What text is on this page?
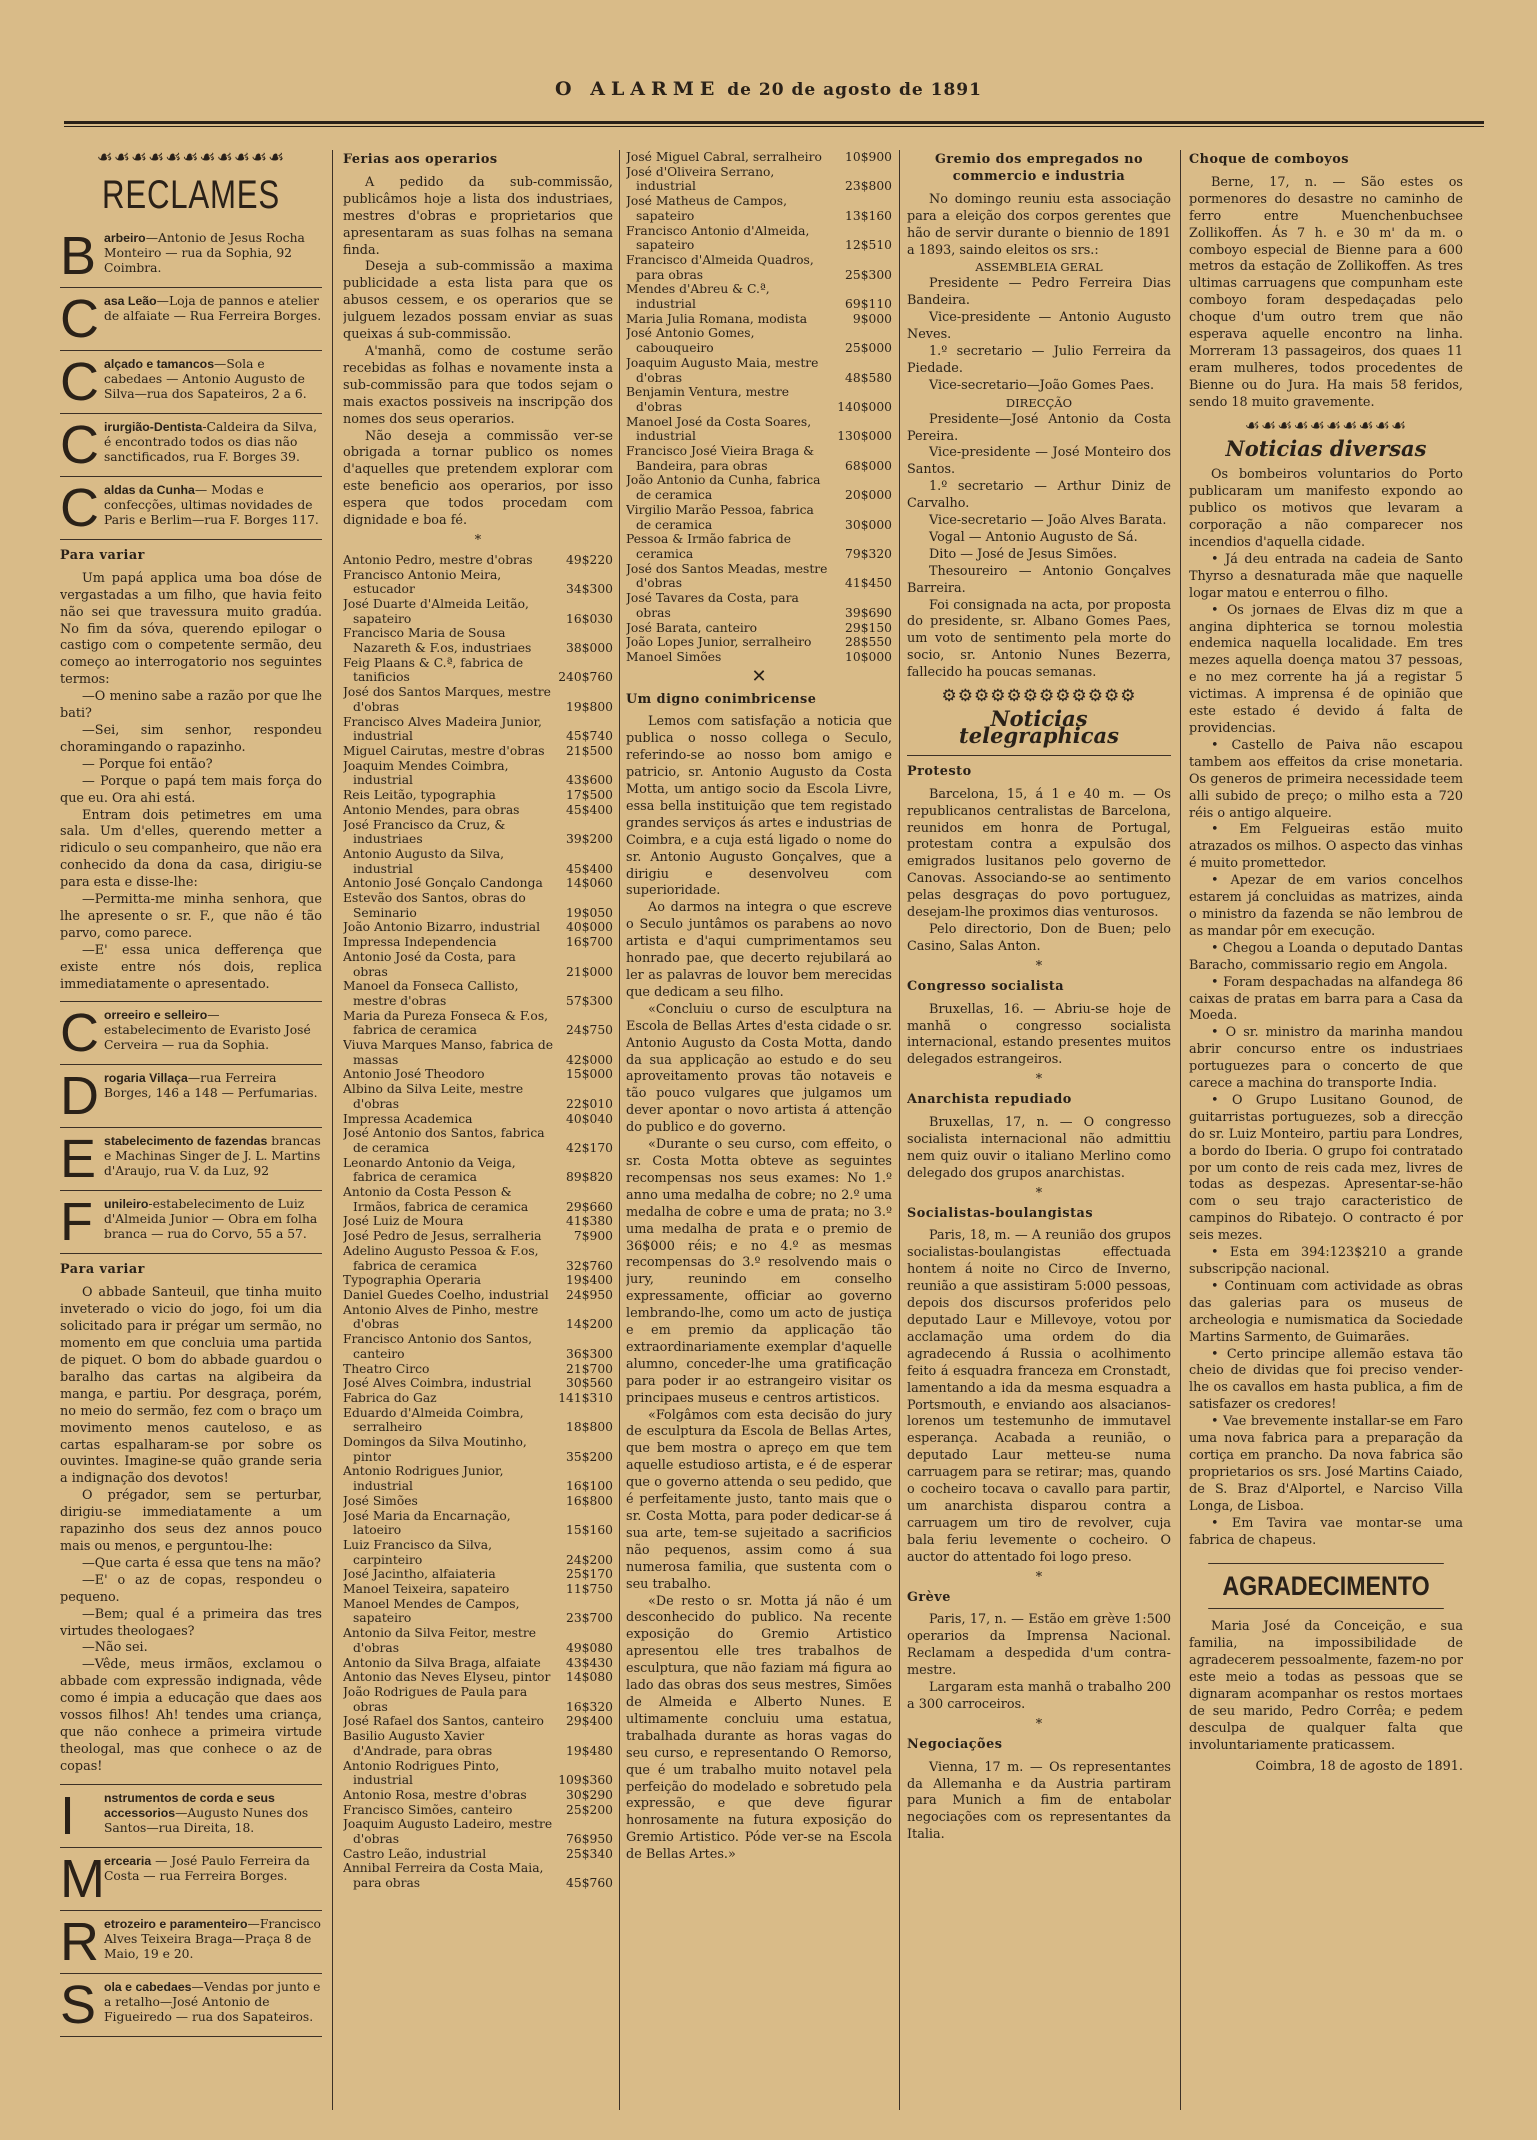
O ALARME de 20 de agosto de 1891
☙☙☙☙☙☙☙☙☙☙☙
RECLAMES
B arbeiro—Antonio de Jesus Rocha Monteiro — rua da Sophia, 92 Coimbra.
C asa Leão—Loja de pannos e atelier de alfaiate — Rua Ferreira Borges.
C alçado e tamancos—Sola e cabedaes — Antonio Augusto de Silva—rua dos Sapateiros, 2 a 6.
C irurgião-Dentista-Caldeira da Silva, é encontrado todos os dias não sanctificados, rua F. Borges 39.
C aldas da Cunha— Modas e confecções, ultimas novidades de Paris e Berlim—rua F. Borges 117.
Para variar

Um papá applica uma boa dóse de vergastadas a um filho, que havia feito não sei que travessura muito gradúa. No fim da sóva, querendo epilogar o castigo com o competente sermão, deu começo ao interrogatorio nos seguintes termos:

—O menino sabe a razão por que lhe bati?

—Sei, sim senhor, respondeu choramingando o rapazinho.

— Porque foi então?

— Porque o papá tem mais força do que eu. Ora ahi está.

Entram dois petimetres em uma sala. Um d'elles, querendo metter a ridiculo o seu companheiro, que não era conhecido da dona da casa, dirigiu-se para esta e disse-lhe:

—Permitta-me minha senhora, que lhe apresente o sr. F., que não é tão parvo, como parece.

—E' essa unica defferença que existe entre nós dois, replica immediatamente o apresentado.

C orreeiro e selleiro— estabelecimento de Evaristo José Cerveira — rua da Sophia.
D rogaria Villaça—rua Ferreira Borges, 146 a 148 — Perfumarias.
E stabelecimento de fazendas brancas e Machinas Singer de J. L. Martins d'Araujo, rua V. da Luz, 92
F unileiro-estabelecimento de Luiz d'Almeida Junior — Obra em folha branca — rua do Corvo, 55 a 57.
Para variar

O abbade Santeuil, que tinha muito inveterado o vicio do jogo, foi um dia solicitado para ir prégar um sermão, no momento em que concluia uma partida de piquet. O bom do abbade guardou o baralho das cartas na algibeira da manga, e partiu. Por desgraça, porém, no meio do sermão, fez com o braço um movimento menos cauteloso, e as cartas espalharam-se por sobre os ouvintes. Imagine-se quão grande seria a indignação dos devotos!

O prégador, sem se perturbar, dirigiu-se immediatamente a um rapazinho dos seus dez annos pouco mais ou menos, e perguntou-lhe:

—Que carta é essa que tens na mão?

—E' o az de copas, respondeu o pequeno.

—Bem; qual é a primeira das tres virtudes theologaes?

—Não sei.

—Vêde, meus irmãos, exclamou o abbade com expressão indignada, vêde como é impia a educação que daes aos vossos filhos! Ah! tendes uma criança, que não conhece a primeira virtude theologal, mas que conhece o az de copas!

I	nstrumentos de corda e seus accessorios—Augusto Nunes dos Santos—rua Direita, 18.
M ercearia — José Paulo Ferreira da Costa — rua Ferreira Borges.
R etrozeiro e paramenteiro—Francisco Alves Teixeira Braga—Praça 8 de Maio, 19 e 20.
S ola e cabedaes—Vendas por junto e a retalho—José Antonio de Figueiredo — rua dos Sapateiros.
Ferias aos operarios

A pedido da sub-commissão, publicâmos hoje a lista dos industriaes, mestres d'obras e proprietarios que apresentaram as suas folhas na semana finda.

Deseja a sub-commissão a maxima publicidade a esta lista para que os abusos cessem, e os operarios que se julguem lezados possam enviar as suas queixas á sub-commissão.

A'manhã, como de costume serão recebidas as folhas e novamente insta a sub-commissão para que todos sejam o mais exactos possiveis na inscripção dos nomes dos seus operarios.

Não deseja a commissão ver-se obrigada a tornar publico os nomes d'aquelles que pretendem explorar com este beneficio aos operarios, por isso espera que todos procedam com dignidade e boa fé.

*
Antonio Pedro, mestre d'obras	49$220
Francisco Antonio Meira, estucador	34$300
José Duarte d'Almeida Leitão, sapateiro	16$030
Francisco Maria de Sousa Nazareth & F.os, industriaes	38$000
Feig Plaans & C.ª, fabrica de tanificios	240$760
José dos Santos Marques, mestre d'obras	19$800
Francisco Alves Madeira Junior, industrial	45$740
Miguel Cairutas, mestre d'obras	21$500
Joaquim Mendes Coimbra, industrial	43$600
Reis Leitão, typographia	17$500
Antonio Mendes, para obras	45$400
José Francisco da Cruz, & industriaes	39$200
Antonio Augusto da Silva, industrial	45$400
Antonio José Gonçalo Candonga	14$060
Estevão dos Santos, obras do Seminario	19$050
João Antonio Bizarro, industrial	40$000
Impressa Independencia	16$700
Antonio José da Costa, para obras	21$000
Manoel da Fonseca Callisto, mestre d'obras	57$300
Maria da Pureza Fonseca & F.os, fabrica de ceramica	24$750
Viuva Marques Manso, fabrica de massas	42$000
Antonio José Theodoro	15$000
Albino da Silva Leite, mestre d'obras	22$010
Impressa Academica	40$040
José Antonio dos Santos, fabrica de ceramica	42$170
Leonardo Antonio da Veiga, fabrica de ceramica	89$820
Antonio da Costa Pesson & Irmãos, fabrica de ceramica	29$660
José Luiz de Moura	41$380
José Pedro de Jesus, serralheria	7$900
Adelino Augusto Pessoa & F.os, fabrica de ceramica	32$760
Typographia Operaria	19$400
Daniel Guedes Coelho, industrial	24$950
Antonio Alves de Pinho, mestre d'obras	14$200
Francisco Antonio dos Santos, canteiro	36$300
Theatro Circo	21$700
José Alves Coimbra, industrial	30$560
Fabrica do Gaz	141$310
Eduardo d'Almeida Coimbra, serralheiro	18$800
Domingos da Silva Moutinho, pintor	35$200
Antonio Rodrigues Junior, industrial	16$100
José Simões	16$800
José Maria da Encarnação, latoeiro	15$160
Luiz Francisco da Silva, carpinteiro	24$200
José Jacintho, alfaiateria	25$170
Manoel Teixeira, sapateiro	11$750
Manoel Mendes de Campos, sapateiro	23$700
Antonio da Silva Feitor, mestre d'obras	49$080
Antonio da Silva Braga, alfaiate	43$430
Antonio das Neves Elyseu, pintor	14$080
João Rodrigues de Paula para obras	16$320
José Rafael dos Santos, canteiro	29$400
Basilio Augusto Xavier d'Andrade, para obras	19$480
Antonio Rodrigues Pinto, industrial	109$360
Antonio Rosa, mestre d'obras	30$290
Francisco Simões, canteiro	25$200
Joaquim Augusto Ladeiro, mestre d'obras	76$950
Castro Leão, industrial	25$340
Annibal Ferreira da Costa Maia, para obras	45$760
José Miguel Cabral, serralheiro	10$900
José d'Oliveira Serrano, industrial	23$800
José Matheus de Campos, sapateiro	13$160
Francisco Antonio d'Almeida, sapateiro	12$510
Francisco d'Almeida Quadros, para obras	25$300
Mendes d'Abreu & C.ª, industrial	69$110
Maria Julia Romana, modista	9$000
José Antonio Gomes, cabouqueiro	25$000
Joaquim Augusto Maia, mestre d'obras	48$580
Benjamin Ventura, mestre d'obras	140$000
Manoel José da Costa Soares, industrial	130$000
Francisco José Vieira Braga & Bandeira, para obras	68$000
João Antonio da Cunha, fabrica de ceramica	20$000
Virgilio Marão Pessoa, fabrica de ceramica	30$000
Pessoa & Irmão fabrica de ceramica	79$320
José dos Santos Meadas, mestre d'obras	41$450
José Tavares da Costa, para obras	39$690
José Barata, canteiro	29$150
João Lopes Junior, serralheiro	28$550
Manoel Simões	10$000
✕
Um digno conimbricense

Lemos com satisfação a noticia que publica o nosso collega o Seculo, referindo-se ao nosso bom amigo e patricio, sr. Antonio Augusto da Costa Motta, um antigo socio da Escola Livre, essa bella instituição que tem registado grandes serviços ás artes e industrias de Coimbra, e a cuja está ligado o nome do sr. Antonio Augusto Gonçalves, que a dirigiu e desenvolveu com superioridade.

Ao darmos na integra o que escreve o Seculo juntâmos os parabens ao novo artista e d'aqui cumprimentamos seu honrado pae, que decerto rejubilará ao ler as palavras de louvor bem merecidas que dedicam a seu filho.

«Concluiu o curso de esculptura na Escola de Bellas Artes d'esta cidade o sr. Antonio Augusto da Costa Motta, dando da sua applicação ao estudo e do seu aproveitamento provas tão notaveis e tão pouco vulgares que julgamos um dever apontar o novo artista á attenção do publico e do governo.

«Durante o seu curso, com effeito, o sr. Costa Motta obteve as seguintes recompensas nos seus exames: No 1.º anno uma medalha de cobre; no 2.º uma medalha de cobre e uma de prata; no 3.º uma medalha de prata e o premio de 36$000 réis; e no 4.º as mesmas recompensas do 3.º resolvendo mais o jury, reunindo em conselho expressamente, officiar ao governo lembrando-lhe, como um acto de justiça e em premio da applicação tão extraordinariamente exemplar d'aquelle alumno, conceder-lhe uma gratificação para poder ir ao estrangeiro visitar os principaes museus e centros artisticos.

«Folgâmos com esta decisão do jury de esculptura da Escola de Bellas Artes, que bem mostra o apreço em que tem aquelle estudioso artista, e é de esperar que o governo attenda o seu pedido, que é perfeitamente justo, tanto mais que o sr. Costa Motta, para poder dedicar-se á sua arte, tem-se sujeitado a sacrificios não pequenos, assim como á sua numerosa familia, que sustenta com o seu trabalho.

«De resto o sr. Motta já não é um desconhecido do publico. Na recente exposição do Gremio Artistico apresentou elle tres trabalhos de esculptura, que não faziam má figura ao lado das obras dos seus mestres, Simões de Almeida e Alberto Nunes. E ultimamente concluiu uma estatua, trabalhada durante as horas vagas do seu curso, e representando O Remorso, que é um trabalho muito notavel pela perfeição do modelado e sobretudo pela expressão, e que deve figurar honrosamente na futura exposição do Gremio Artistico. Póde ver-se na Escola de Bellas Artes.»

Gremio dos empregados no commercio e industria

No domingo reuniu esta associação para a eleição dos corpos gerentes que hão de servir durante o biennio de 1891 a 1893, saindo eleitos os srs.:

ASSEMBLEIA GERAL

Presidente — Pedro Ferreira Dias Bandeira.

Vice-presidente — Antonio Augusto Neves.

1.º secretario — Julio Ferreira da Piedade.

Vice-secretario—João Gomes Paes.

DIRECÇÃO

Presidente—José Antonio da Costa Pereira.

Vice-presidente — José Monteiro dos Santos.

1.º secretario — Arthur Diniz de Carvalho.

Vice-secretario — João Alves Barata.

Vogal — Antonio Augusto de Sá.

Dito — José de Jesus Simões.

Thesoureiro — Antonio Gonçalves Barreira.

Foi consignada na acta, por proposta do presidente, sr. Albano Gomes Paes, um voto de sentimento pela morte do socio, sr. Antonio Nunes Bezerra, fallecido ha poucas semanas.

⚙⚙⚙⚙⚙⚙⚙⚙⚙⚙⚙⚙
Noticias telegraphicas
Protesto

Barcelona, 15, á 1 e 40 m. — Os republicanos centralistas de Barcelona, reunidos em honra de Portugal, protestam contra a expulsão dos emigrados lusitanos pelo governo de Canovas. Associando-se ao sentimento pelas desgraças do povo portuguez, desejam-lhe proximos dias venturosos.

Pelo directorio, Don de Buen; pelo Casino, Salas Anton.

*
Congresso socialista

Bruxellas, 16. — Abriu-se hoje de manhã o congresso socialista internacional, estando presentes muitos delegados estrangeiros.

*
Anarchista repudiado

Bruxellas, 17, n. — O congresso socialista internacional não admittiu nem quiz ouvir o italiano Merlino como delegado dos grupos anarchistas.

*
Socialistas-boulangistas

Paris, 18, m. — A reunião dos grupos socialistas-boulangistas effectuada hontem á noite no Circo de Inverno, reunião a que assistiram 5:000 pessoas, depois dos discursos proferidos pelo deputado Laur e Millevoye, votou por acclamação uma ordem do dia agradecendo á Russia o acolhimento feito á esquadra franceza em Cronstadt, lamentando a ida da mesma esquadra a Portsmouth, e enviando aos alsacianos-lorenos um testemunho de immutavel esperança. Acabada a reunião, o deputado Laur metteu-se numa carruagem para se retirar; mas, quando o cocheiro tocava o cavallo para partir, um anarchista disparou contra a carruagem um tiro de revolver, cuja bala feriu levemente o cocheiro. O auctor do attentado foi logo preso.

*
Grève

Paris, 17, n. — Estão em grève 1:500 operarios da Imprensa Nacional. Reclamam a despedida d'um contra-mestre.

Largaram esta manhã o trabalho 200 a 300 carroceiros.

*
Negociações

Vienna, 17 m. — Os representantes da Allemanha e da Austria partiram para Munich a fim de entabolar negociações com os representantes da Italia.

Choque de comboyos

Berne, 17, n. — São estes os pormenores do desastre no caminho de ferro entre Muenchenbuchsee Zollikoffen. Ás 7 h. e 30 m' da m. o comboyo especial de Bienne para a 600 metros da estação de Zollikoffen. As tres ultimas carruagens que compunham este comboyo foram despedaçadas pelo choque d'um outro trem que não esperava aquelle encontro na linha. Morreram 13 passageiros, dos quaes 11 eram mulheres, todos procedentes de Bienne ou do Jura. Ha mais 58 feridos, sendo 18 muito gravemente.

☙☙☙☙☙☙☙☙☙☙
Noticias diversas

Os bombeiros voluntarios do Porto publicaram um manifesto expondo ao publico os motivos que levaram a corporação a não comparecer nos incendios d'aquella cidade.

• Já deu entrada na cadeia de Santo Thyrso a desnaturada mãe que naquelle logar matou e enterrou o filho.

• Os jornaes de Elvas diz m que a angina diphteriсa se tornou molestia endemica naquella localidade. Em tres mezes aquella doença matou 37 pessoas, e no mez corrente ha já a registar 5 victimas. A imprensa é de opinião que este estado é devido á falta de providencias.

• Castello de Paiva não escapou tambem aos effeitos da crise monetaria. Os generos de primeira necessidade teem alli subido de preço; o milho esta a 720 réis o antigo alqueire.

• Em Felgueiras estão muito atrazados os milhos. O aspecto das vinhas é muito promettedor.

• Apezar de em varios concelhos estarem já concluidas as matrizes, ainda o ministro da fazenda se não lembrou de as mandar pôr em execução.

• Chegou a Loanda o deputado Dantas Baracho, commissario regio em Angola.

• Foram despachadas na alfandega 86 caixas de pratas em barra para a Casa da Moeda.

• O sr. ministro da marinha mandou abrir concurso entre os industriaes portuguezes para o concerto de que carece a machina do transporte India.

• O Grupo Lusitano Gounod, de guitarristas portuguezes, sob a direcção do sr. Luiz Monteiro, partiu para Londres, a bordo do Iberia. O grupo foi contratado por um conto de reis cada mez, livres de todas as despezas. Apresentar-se-hão com o seu trajo caracteristico de campinos do Ribatejo. O contracto é por seis mezes.

• Esta em 394:123$210 a grande subscripção nacional.

• Continuam com actividade as obras das galerias para os museus de archeologia e numismatica da Sociedade Martins Sarmento, de Guimarães.

• Certo principe allemão estava tão cheio de dividas que foi preciso vender-lhe os cavallos em hasta publica, a fim de satisfazer os credores!

• Vae brevemente installar-se em Faro uma nova fabrica para a preparação da cortiça em prancho. Da nova fabrica são proprietarios os srs. José Martins Caiado, de S. Braz d'Alportel, e Narciso Villa Longa, de Lisboa.

• Em Tavira vae montar-se uma fabrica de chapeus.

AGRADECIMENTO

Maria José da Conceição, e sua familia, na impossibilidade de agradecerem pessoalmente, fazem-no por este meio a todas as pessoas que se dignaram acompanhar os restos mortaes de seu marido, Pedro Corrêa; e pedem desculpa de qualquer falta que involuntariamente praticassem.

Coimbra, 18 de agosto de 1891.
